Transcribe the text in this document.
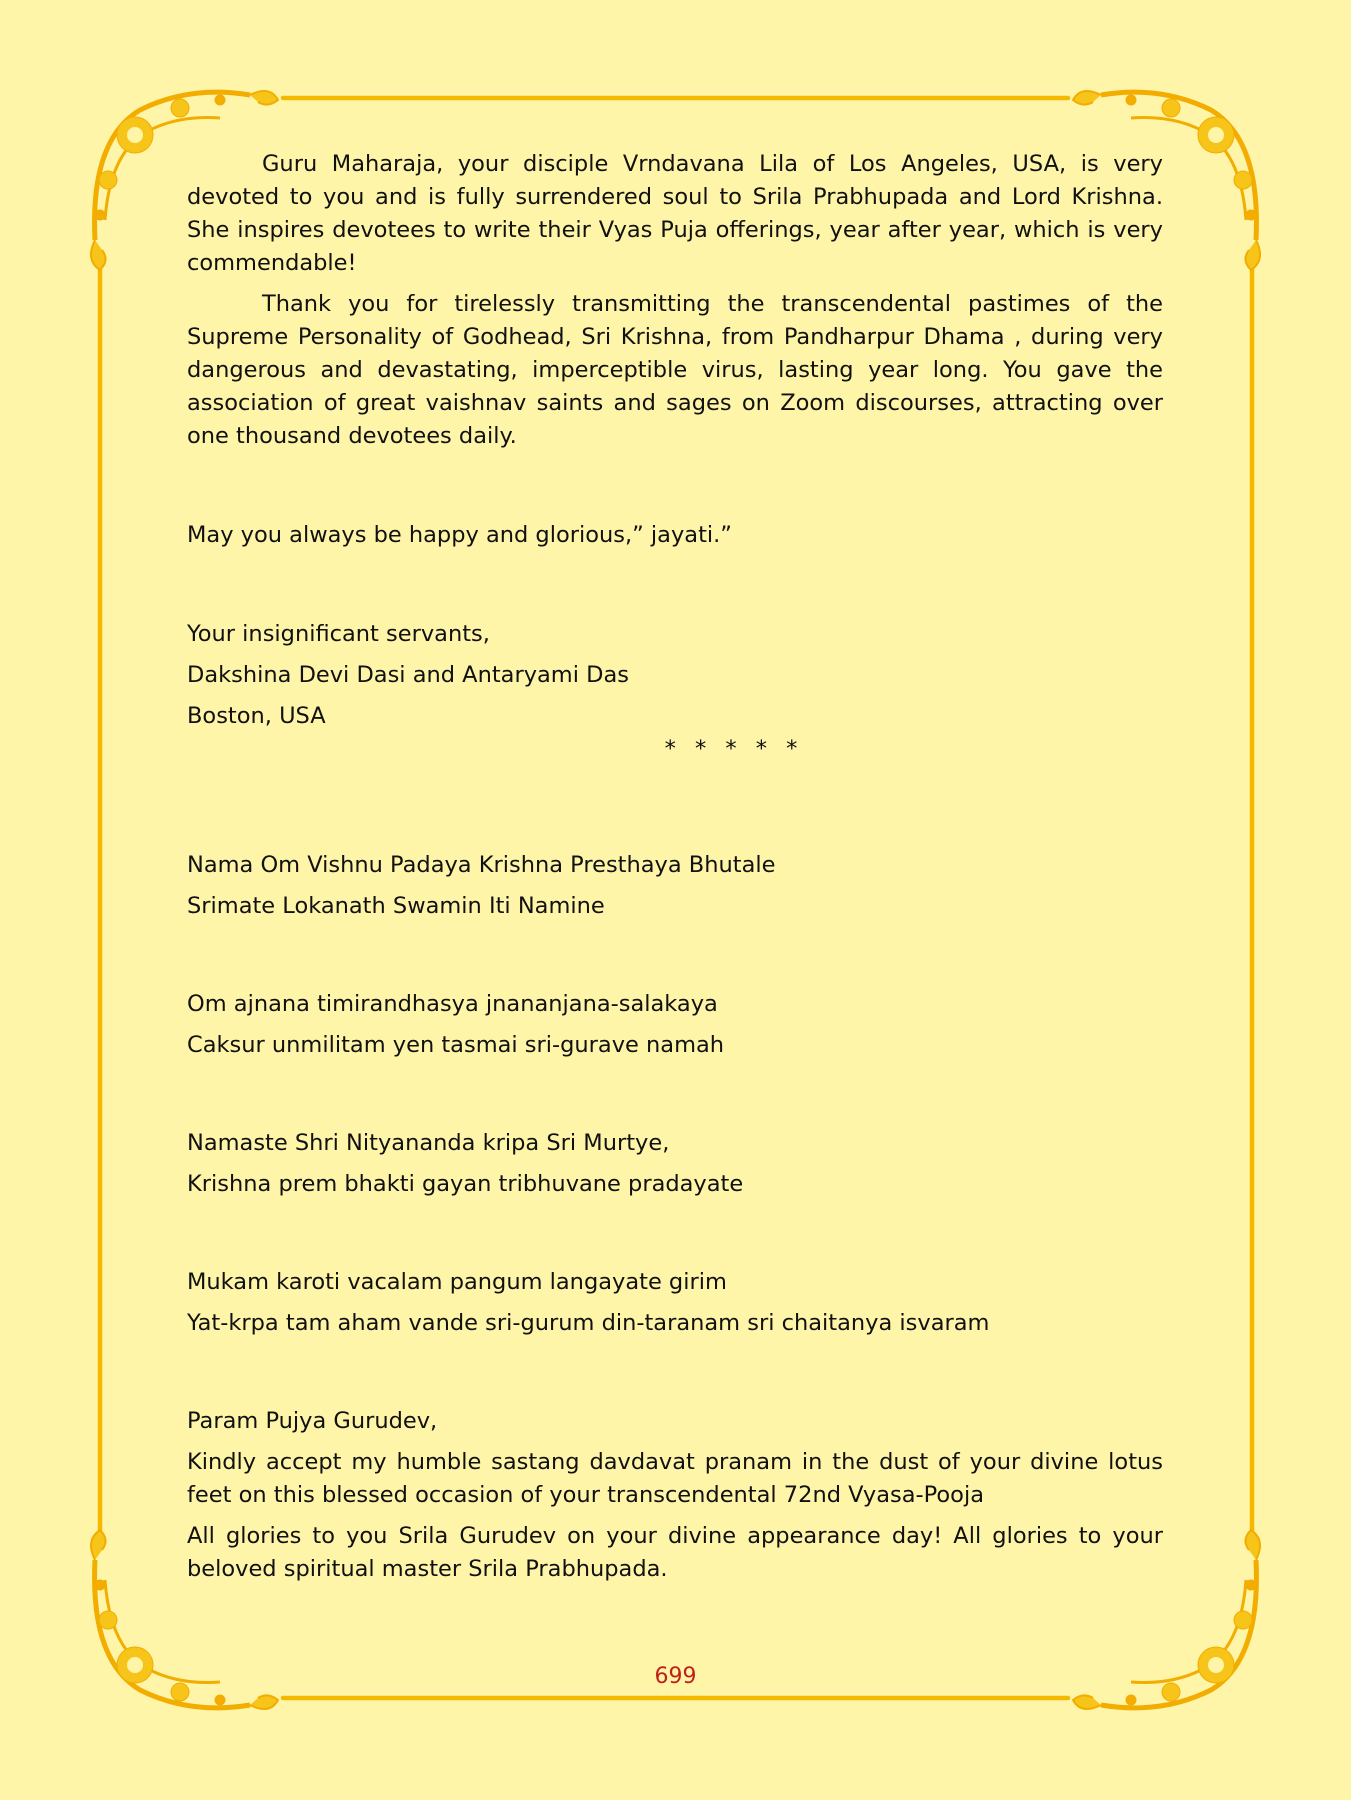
Guru Maharaja, your disciple Vrndavana Lila of Los Angeles, USA, is very devoted to you and is fully surrendered soul to Srila Prabhupada and Lord Krishna. She inspires devotees to write their Vyas Puja offerings, year after year, which is very commendable!

Thank you for tirelessly transmitting the transcendental pastimes of the Supreme Personality of Godhead, Sri Krishna, from Pandharpur Dhama , during very dangerous and devastating, imperceptible virus, lasting year long. You gave the association of great vaishnav saints and sages on Zoom discourses, attracting over one thousand devotees daily.

May you always be happy and glorious,” jayati.”

Your insignificant servants,

Dakshina Devi Dasi and Antaryami Das

Boston, USA

* * * * *

Nama Om Vishnu Padaya Krishna Presthaya Bhutale

Srimate Lokanath Swamin Iti Namine

Om ajnana timirandhasya jnananjana-salakaya

Caksur unmilitam yen tasmai sri-gurave namah

Namaste Shri Nityananda kripa Sri Murtye,

Krishna prem bhakti gayan tribhuvane pradayate

Mukam karoti vacalam pangum langayate girim

Yat-krpa tam aham vande sri-gurum din-taranam sri chaitanya isvaram

Param Pujya Gurudev,

Kindly accept my humble sastang davdavat pranam in the dust of your divine lotus feet on this blessed occasion of your transcendental 72nd Vyasa-Pooja

All glories to you Srila Gurudev on your divine appearance day! All glories to your beloved spiritual master Srila Prabhupada.

699
